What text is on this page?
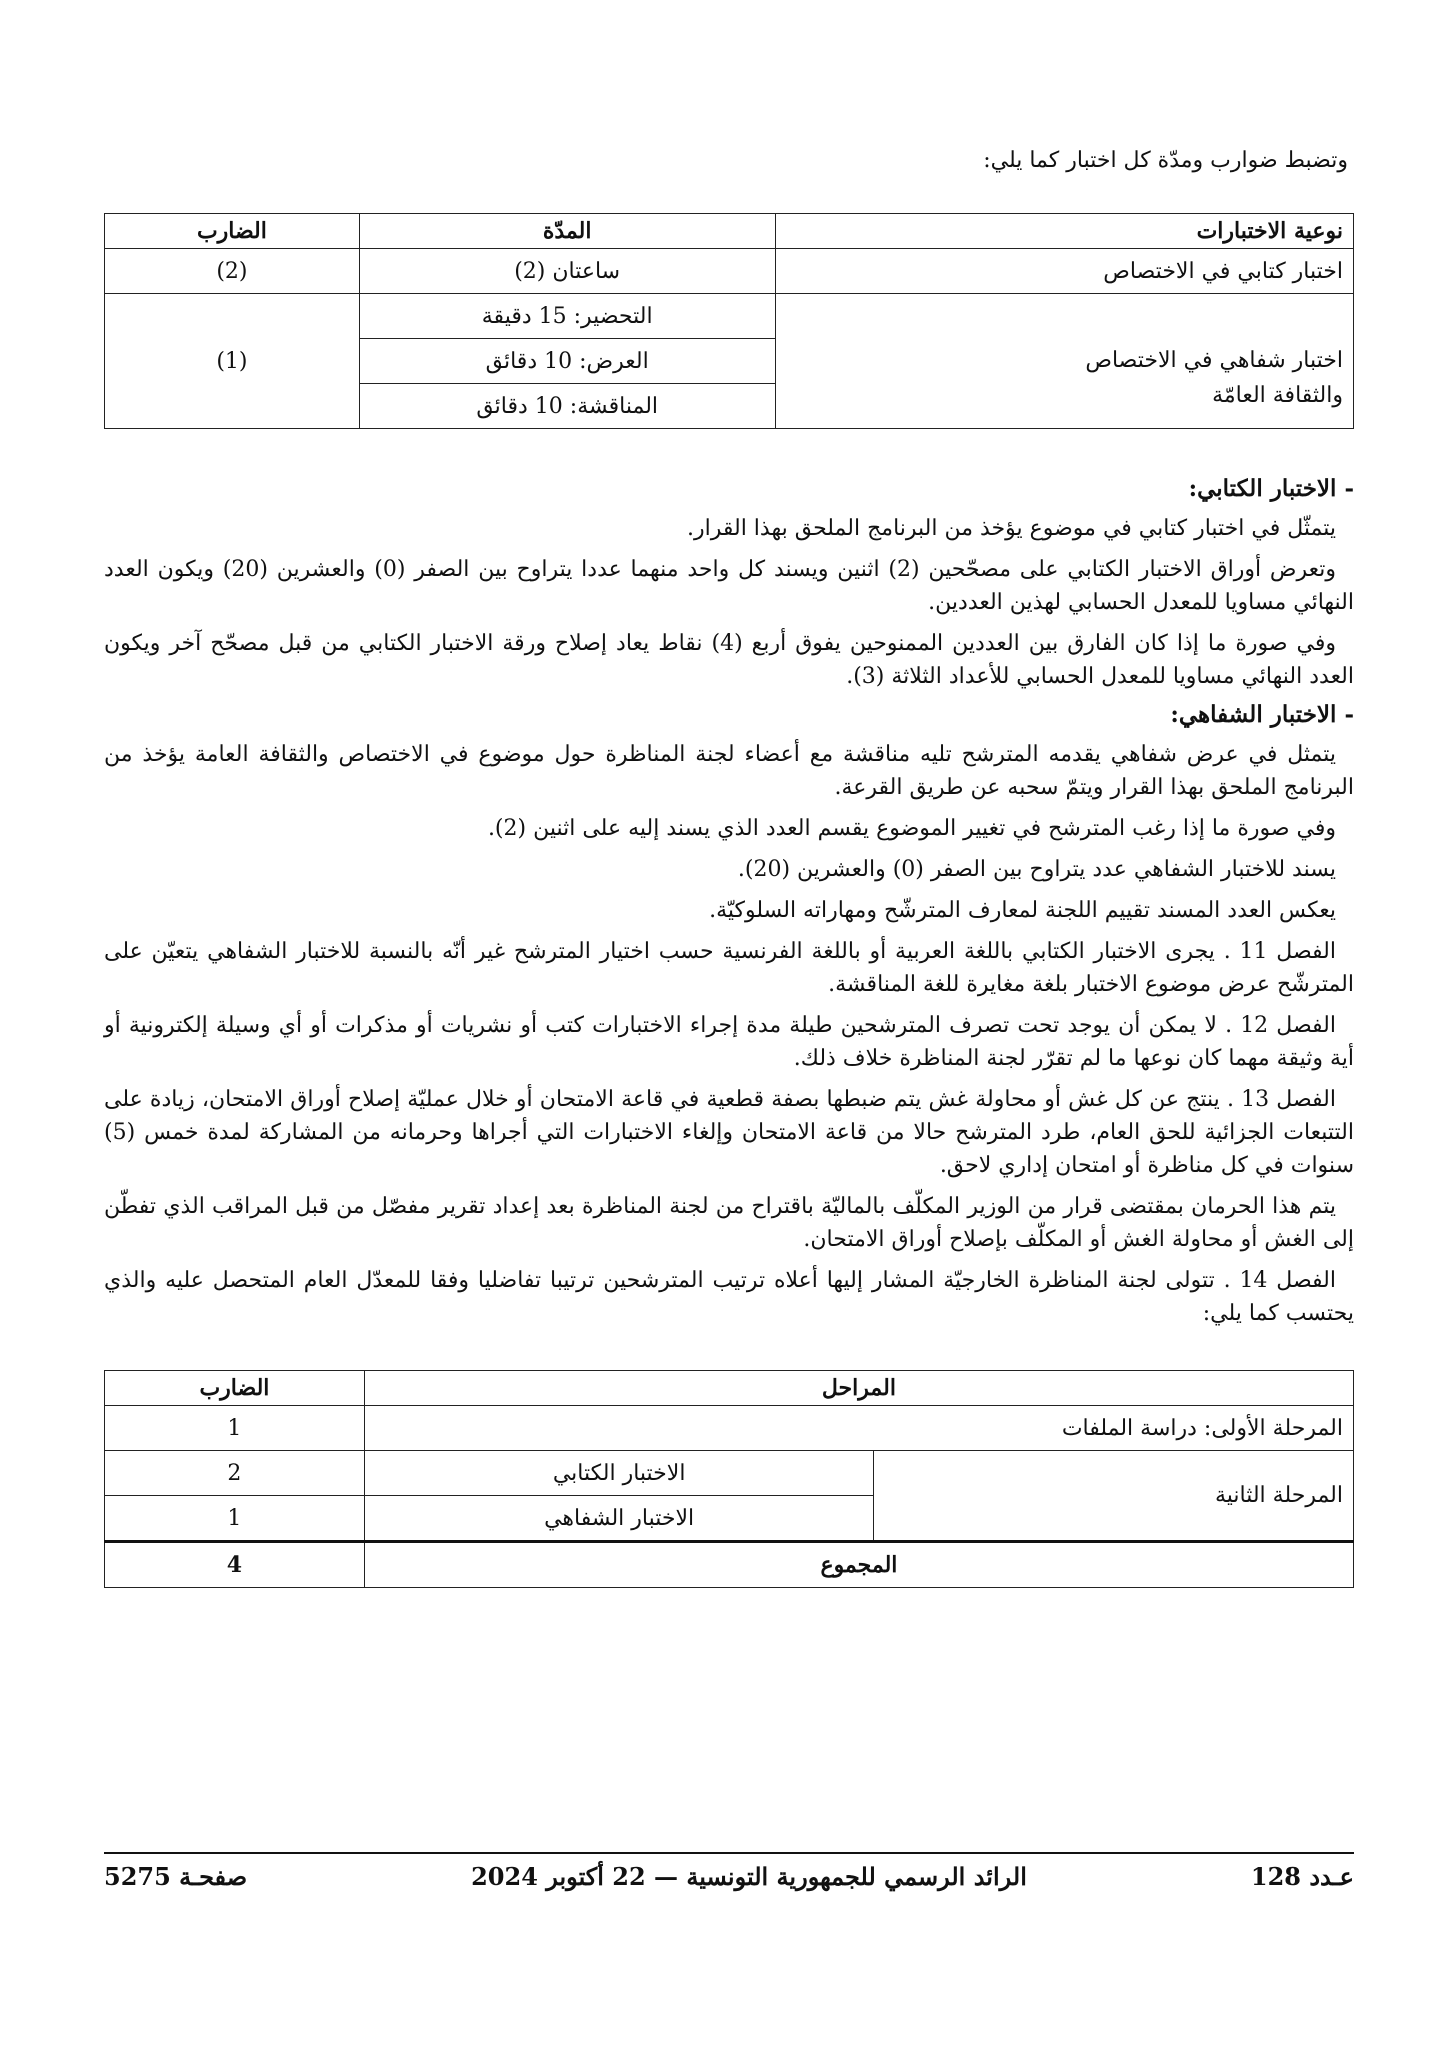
وتضبط ضوارب ومدّة كل اختبار كما يلي:
نوعية الاختبارات	المدّة	الضارب
اختبار كتابي في الاختصاص	ساعتان (2)	(2)

اختبار شفاهي في الاختصاص
والثقافة العامّة	التحضير: 15 دقيقة	(1)
	العرض: 10 دقائق	
	المناقشة: 10 دقائق	
- الاختبار الكتابي:

يتمثّل في اختبار كتابي في موضوع يؤخذ من البرنامج الملحق بهذا القرار.

وتعرض أوراق الاختبار الكتابي على مصحّحين (2) اثنين ويسند كل واحد منهما عددا يتراوح بين الصفر (0) والعشرين (20) ويكون العدد النهائي مساويا للمعدل الحسابي لهذين العددين.

وفي صورة ما إذا كان الفارق بين العددين الممنوحين يفوق أربع (4) نقاط يعاد إصلاح ورقة الاختبار الكتابي من قبل مصحّح آخر ويكون العدد النهائي مساويا للمعدل الحسابي للأعداد الثلاثة (3).

- الاختبار الشفاهي:

يتمثل في عرض شفاهي يقدمه المترشح تليه مناقشة مع أعضاء لجنة المناظرة حول موضوع في الاختصاص والثقافة العامة يؤخذ من البرنامج الملحق بهذا القرار ويتمّ سحبه عن طريق القرعة.

وفي صورة ما إذا رغب المترشح في تغيير الموضوع يقسم العدد الذي يسند إليه على اثنين (2).

يسند للاختبار الشفاهي عدد يتراوح بين الصفر (0) والعشرين (20).

يعكس العدد المسند تقييم اللجنة لمعارف المترشّح ومهاراته السلوكيّة.

الفصل 11 . يجرى الاختبار الكتابي باللغة العربية أو باللغة الفرنسية حسب اختيار المترشح غير أنّه بالنسبة للاختبار الشفاهي يتعيّن على المترشّح عرض موضوع الاختبار بلغة مغايرة للغة المناقشة.

الفصل 12 . لا يمكن أن يوجد تحت تصرف المترشحين طيلة مدة إجراء الاختبارات كتب أو نشريات أو مذكرات أو أي وسيلة إلكترونية أو أية وثيقة مهما كان نوعها ما لم تقرّر لجنة المناظرة خلاف ذلك.

الفصل 13 . ينتج عن كل غش أو محاولة غش يتم ضبطها بصفة قطعية في قاعة الامتحان أو خلال عمليّة إصلاح أوراق الامتحان، زيادة على التتبعات الجزائية للحق العام، طرد المترشح حالا من قاعة الامتحان وإلغاء الاختبارات التي أجراها وحرمانه من المشاركة لمدة خمس (5) سنوات في كل مناظرة أو امتحان إداري لاحق.

يتم هذا الحرمان بمقتضى قرار من الوزير المكلّف بالماليّة باقتراح من لجنة المناظرة بعد إعداد تقرير مفصّل من قبل المراقب الذي تفطّن إلى الغش أو محاولة الغش أو المكلّف بإصلاح أوراق الامتحان.

الفصل 14 . تتولى لجنة المناظرة الخارجيّة المشار إليها أعلاه ترتيب المترشحين ترتيبا تفاضليا وفقا للمعدّل العام المتحصل عليه والذي يحتسب كما يلي:

المراحل		الضارب
المرحلة الأولى: دراسة الملفات		1
المرحلة الثانية	الاختبار الكتابي	2
	الاختبار الشفاهي	1
المجموع		4
عـدد 128
الرائد الرسمي للجمهورية التونسية — 22 أكتوبر 2024
صفحـة 5275
